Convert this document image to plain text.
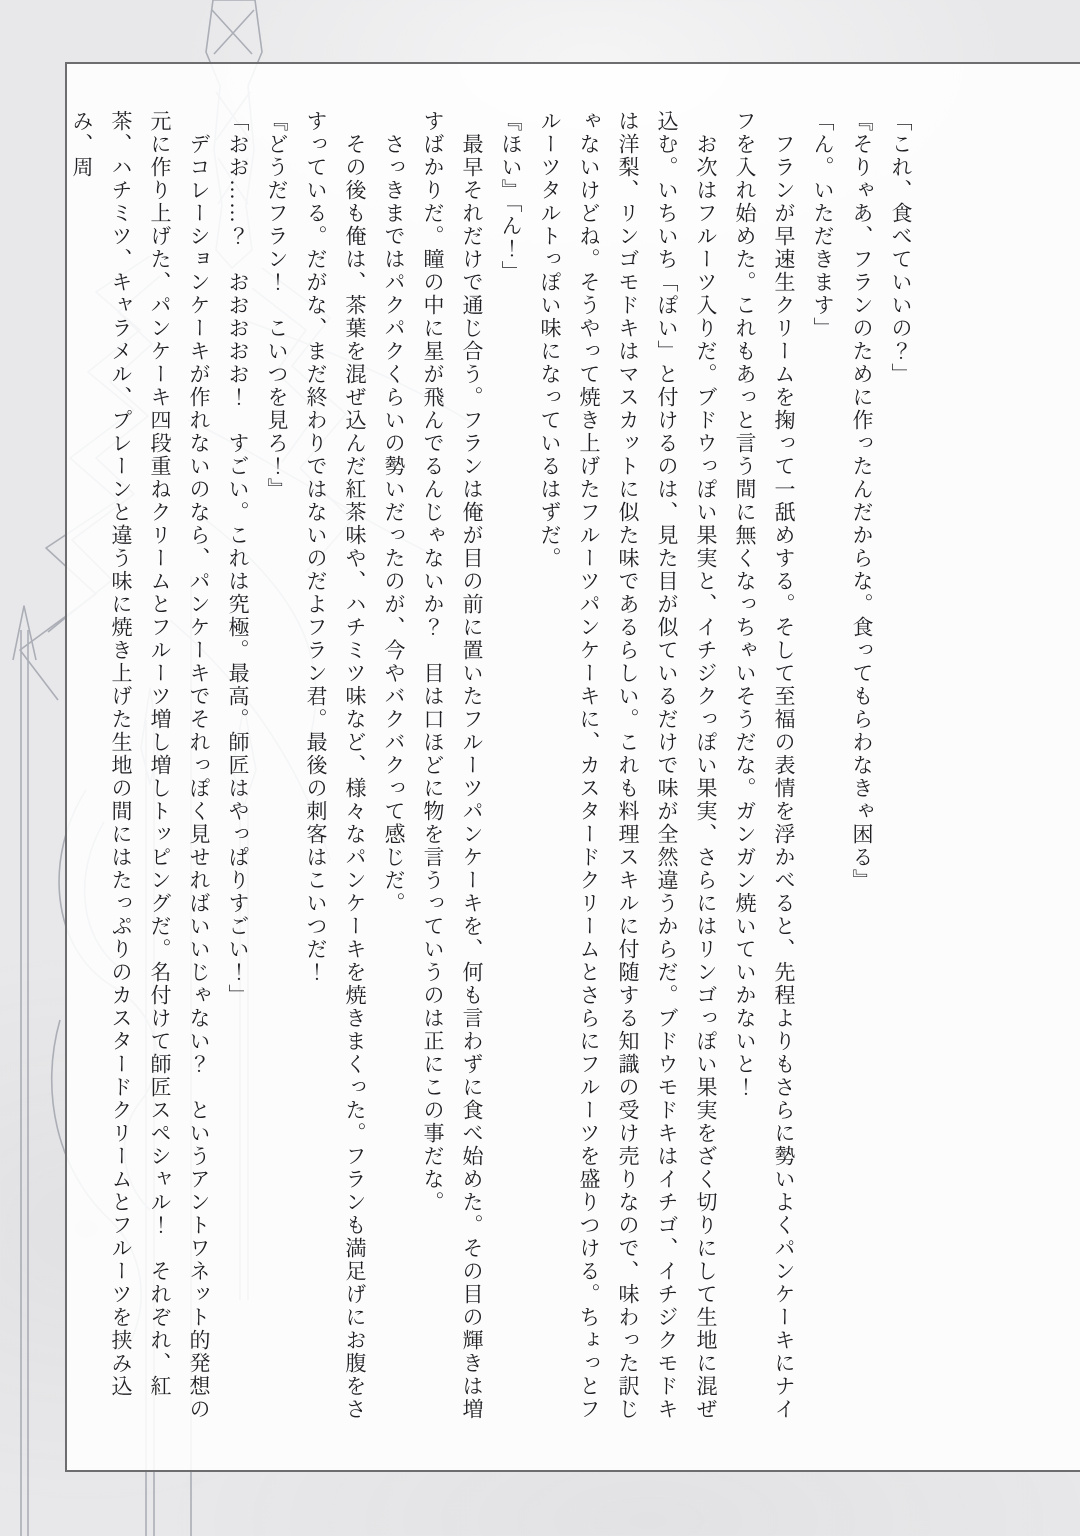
「これ、食べていいの？」

『そりゃあ、フランのために作ったんだからな。食ってもらわなきゃ困る』

「ん。いただきます」

フランが早速生クリームを掬って一舐めする。そして至福の表情を浮かべると、先程よりもさらに勢いよくパンケーキにナイフを入れ始めた。これもあっと言う間に無くなっちゃいそうだな。ガンガン焼いていかないと！

お次はフルーツ入りだ。ブドウっぽい果実と、イチジクっぽい果実、さらにはリンゴっぽい果実をざく切りにして生地に混ぜ込む。いちいち「ぽい」と付けるのは、見た目が似ているだけで味が全然違うからだ。ブドウモドキはイチゴ、イチジクモドキは洋梨、リンゴモドキはマスカットに似た味であるらしい。これも料理スキルに付随する知識の受け売りなので、味わった訳じゃないけどね。そうやって焼き上げたフルーツパンケーキに、カスタードクリームとさらにフルーツを盛りつける。ちょっとフルーツタルトっぽい味になっているはずだ。

『ほい』「ん！」

最早それだけで通じ合う。フランは俺が目の前に置いたフルーツパンケーキを、何も言わずに食べ始めた。その目の輝きは増すばかりだ。瞳の中に星が飛んでるんじゃないか？　目は口ほどに物を言うっていうのは正にこの事だな。

さっきまではパクパクくらいの勢いだったのが、今やバクバクって感じだ。

その後も俺は、茶葉を混ぜ込んだ紅茶味や、ハチミツ味など、様々なパンケーキを焼きまくった。フランも満足げにお腹をさすっている。だがな、まだ終わりではないのだよフラン君。最後の刺客はこいつだ！

『どうだフラン！　こいつを見ろ！』

「おお……？　おおおおお！　すごい。これは究極。最高。師匠はやっぱりすごい！」

デコレーションケーキが作れないのなら、パンケーキでそれっぽく見せればいいじゃない？　というアントワネット的発想の元に作り上げた、パンケーキ四段重ねクリームとフルーツ増し増しトッピングだ。名付けて師匠スペシャル！　それぞれ、紅茶、ハチミツ、キャラメル、プレーンと違う味に焼き上げた生地の間にはたっぷりのカスタードクリームとフルーツを挟み込み、周
